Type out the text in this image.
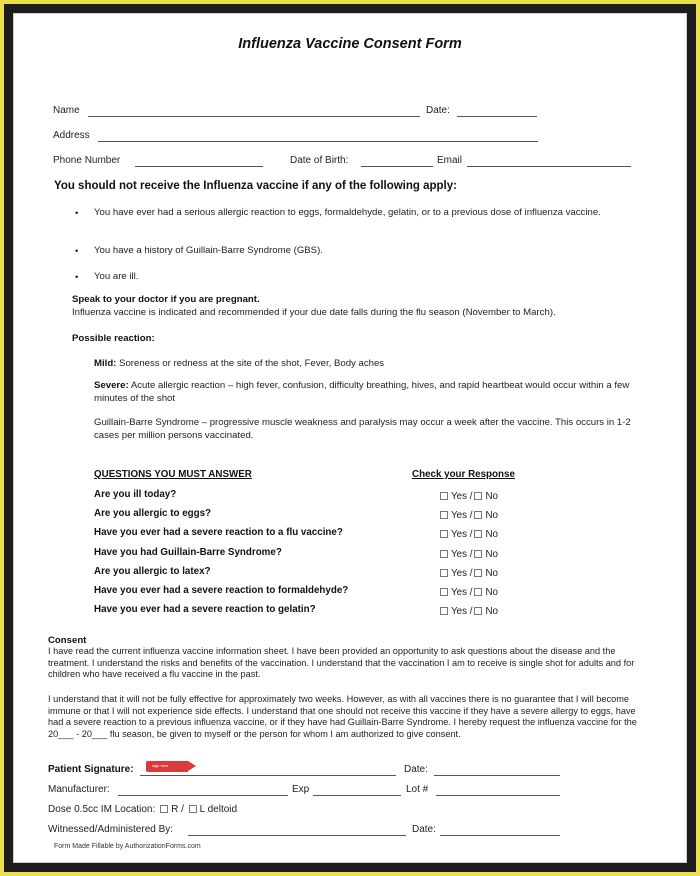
Influenza Vaccine Consent Form
Name	Date:
Address
Phone Number	Date of Birth:	Email
You should not receive the Influenza vaccine if any of the following apply:
• You have ever had a serious allergic reaction to eggs, formaldehyde, gelatin, or to a previous dose of influenza vaccine.
• You have a history of Guillain-Barre Syndrome (GBS).
• You are ill.
Speak to your doctor if you are pregnant.
Influenza vaccine is indicated and recommended if your due date falls during the flu season (November to March).
Possible reaction:
Mild: Soreness or redness at the site of the shot, Fever, Body aches
Severe: Acute allergic reaction – high fever, confusion, difficulty breathing, hives, and rapid heartbeat would occur within a few minutes of the shot
Guillain-Barre Syndrome – progressive muscle weakness and paralysis may occur a week after the vaccine. This occurs in 1-2 cases per million persons vaccinated.
QUESTIONS YOU MUST ANSWER	Check your Response
Are you ill today?	Yes / No
Are you allergic to eggs?	Yes / No
Have you ever had a severe reaction to a flu vaccine?	Yes / No
Have you had Guillain-Barre Syndrome?	Yes / No
Are you allergic to latex?	Yes / No
Have you ever had a severe reaction to formaldehyde?	Yes / No
Have you ever had a severe reaction to gelatin?	Yes / No
Consent
I have read the current influenza vaccine information sheet. I have been provided an opportunity to ask questions about the disease and the treatment. I understand the risks and benefits of the vaccination. I understand that the vaccination I am to receive is single shot for adults and for children who have received a flu vaccine in the past.
I understand that it will not be fully effective for approximately two weeks. However, as with all vaccines there is no guarantee that I will become immune or that I will not experience side effects. I understand that one should not receive this vaccine if they have a severe allergy to eggs, have had a severe reaction to a previous influenza vaccine, or if they have had Guillain-Barre Syndrome. I hereby request the influenza vaccine for the 20___ - 20___ flu season, be given to myself or the person for whom I am authorized to give consent.
Patient Signature:	sign here	Date:
Manufacturer:	Exp	Lot #
Dose 0.5cc IM Location: R / L deltoid
Witnessed/Administered By:	Date:
Form Made Fillable by AuthorizationForms.com
